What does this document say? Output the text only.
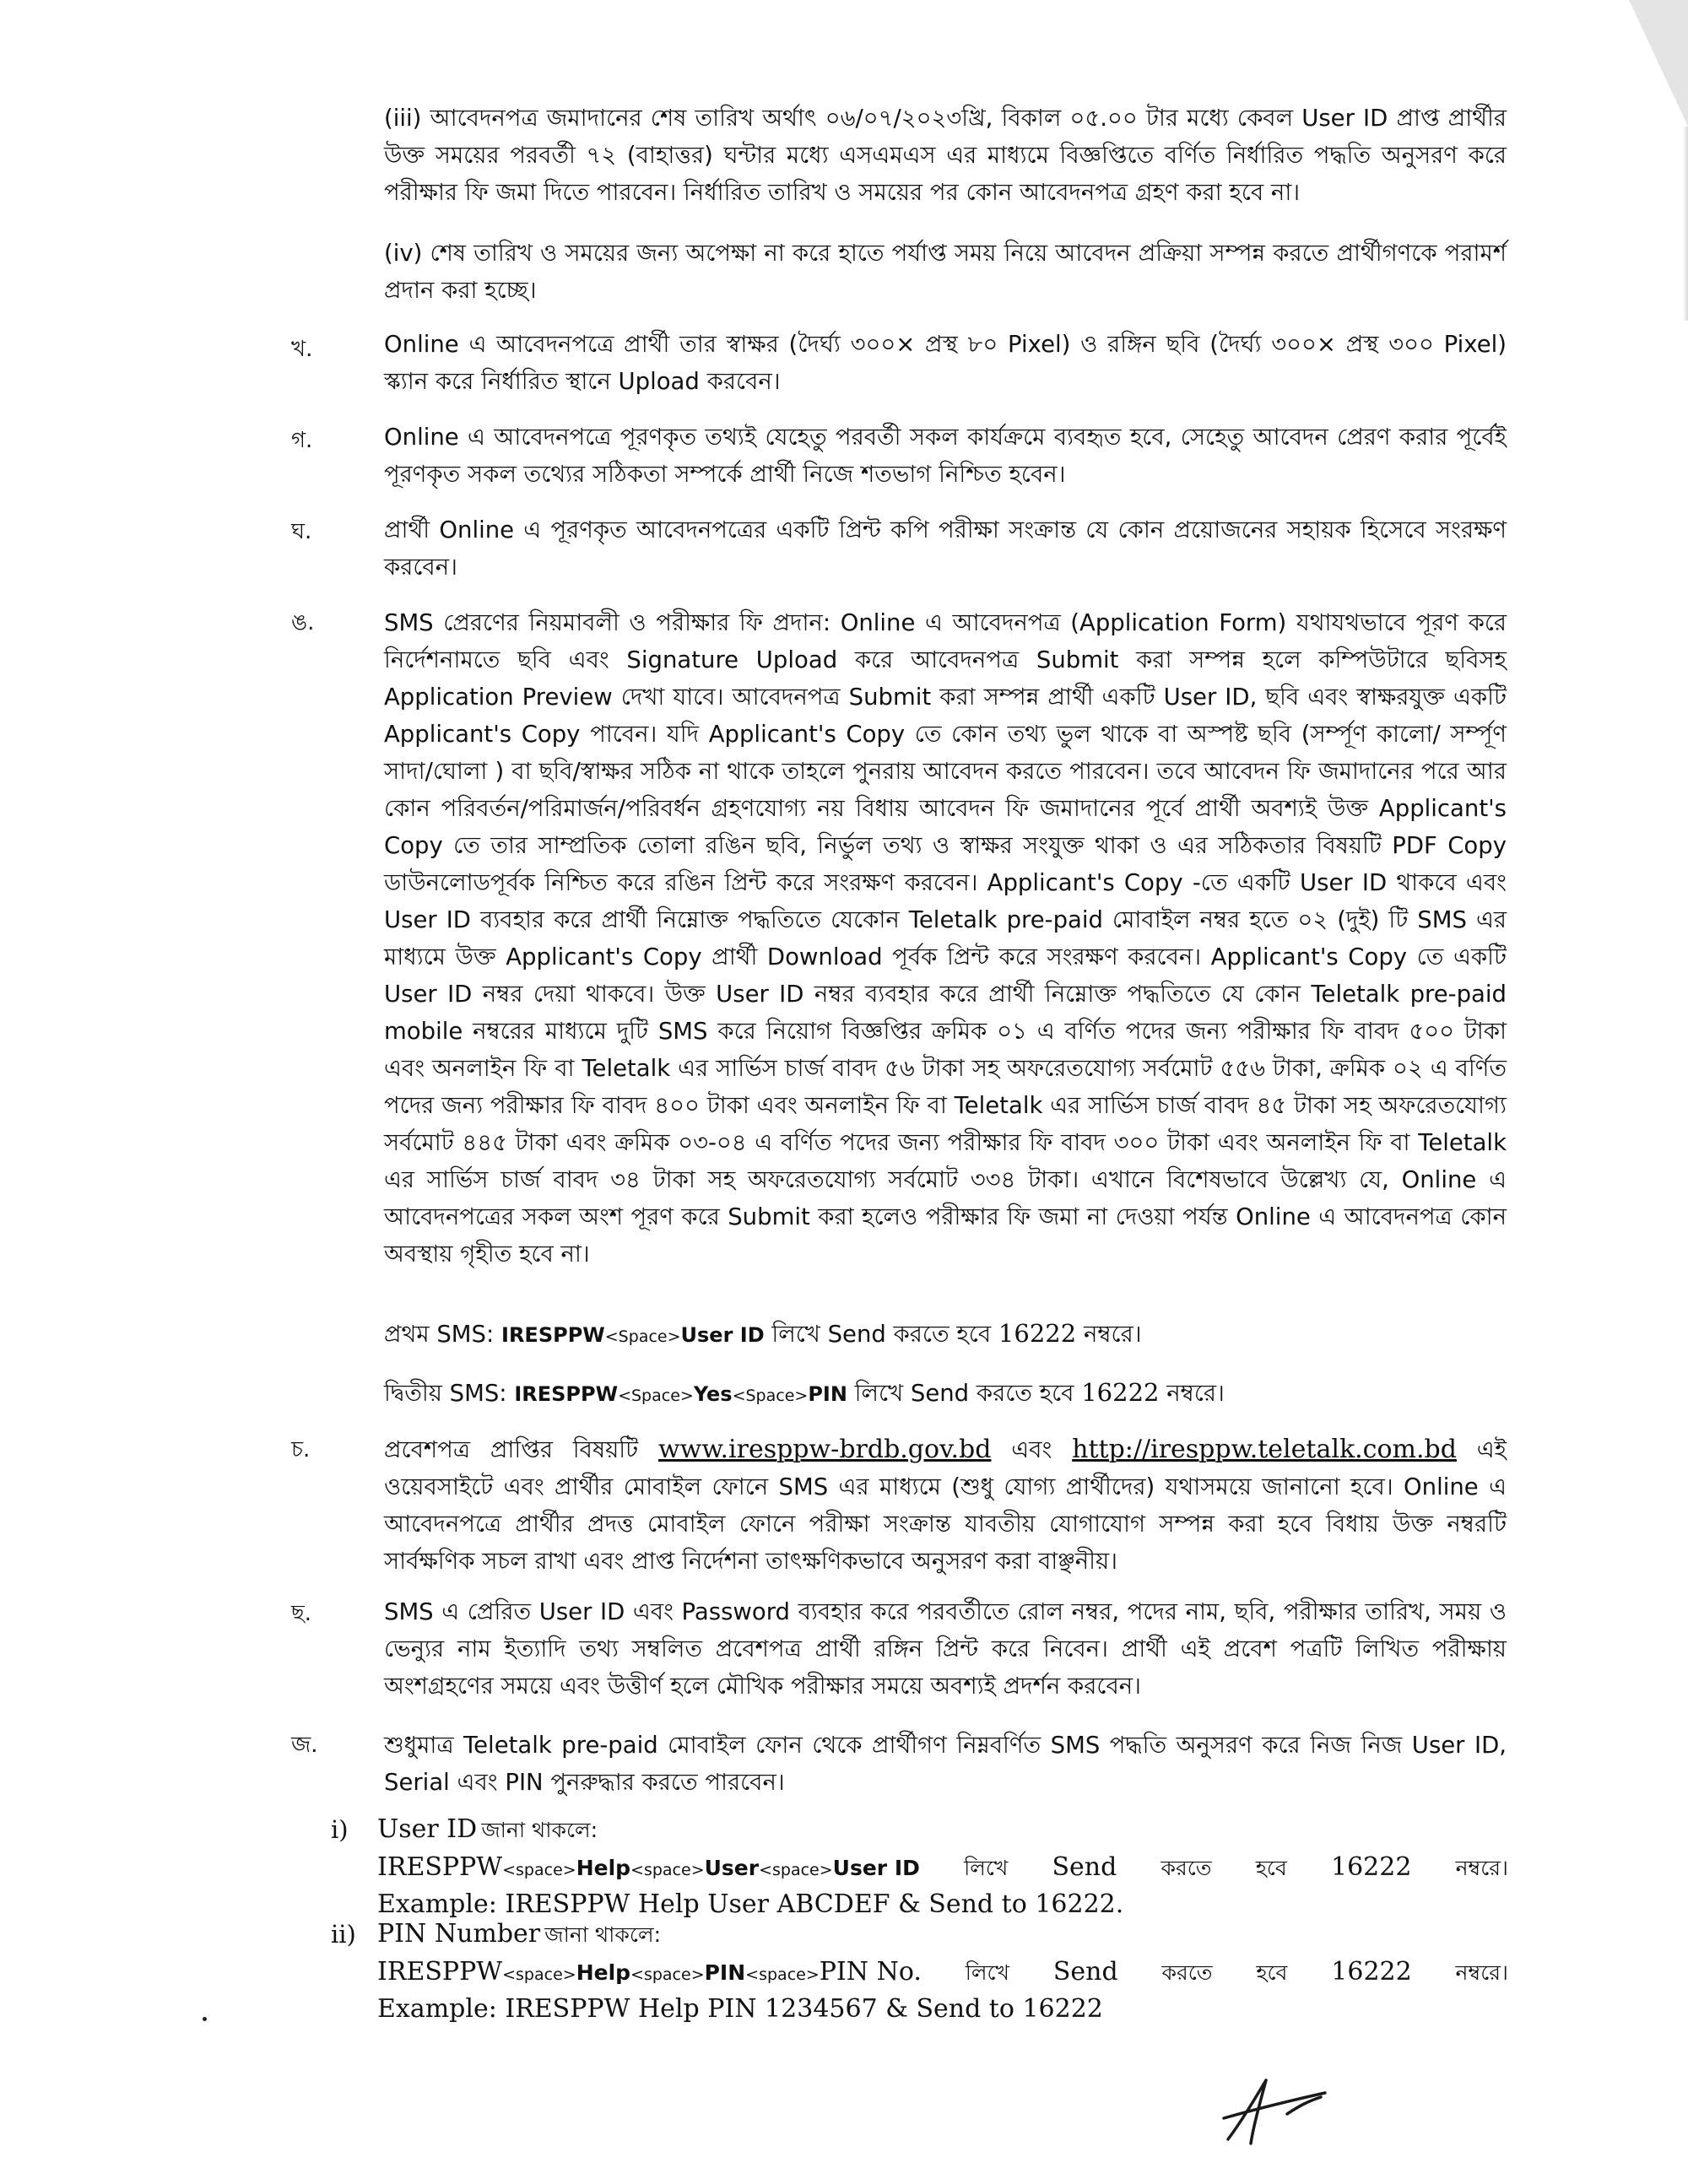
(iii) আবেদনপত্র জমাদানের শেষ তারিখ অর্থাৎ ০৬/০৭/২০২৩খ্রি, বিকাল ০৫.০০ টার মধ্যে কেবল User ID প্রাপ্ত প্রার্থীর উক্ত সময়ের পরবর্তী ৭২ (বাহাত্তর) ঘন্টার মধ্যে এসএমএস এর মাধ্যমে বিজ্ঞপ্তিতে বর্ণিত নির্ধারিত পদ্ধতি অনুসরণ করে পরীক্ষার ফি জমা দিতে পারবেন। নির্ধারিত তারিখ ও সময়ের পর কোন আবেদনপত্র গ্রহণ করা হবে না।

(iv) শেষ তারিখ ও সময়ের জন্য অপেক্ষা না করে হাতে পর্যাপ্ত সময় নিয়ে আবেদন প্রক্রিয়া সম্পন্ন করতে প্রার্থীগণকে পরামর্শ প্রদান করা হচ্ছে।

খ.	Online এ আবেদনপত্রে প্রার্থী তার স্বাক্ষর (দৈর্ঘ্য ৩০০× প্রস্থ ৮০ Pixel) ও রঙ্গিন ছবি (দৈর্ঘ্য ৩০০× প্রস্থ ৩০০ Pixel) স্ক্যান করে নির্ধারিত স্থানে Upload করবেন।

গ.	Online এ আবেদনপত্রে পূরণকৃত তথ্যই যেহেতু পরবর্তী সকল কার্যক্রমে ব্যবহৃত হবে, সেহেতু আবেদন প্রেরণ করার পূর্বেই পূরণকৃত সকল তথ্যের সঠিকতা সম্পর্কে প্রার্থী নিজে শতভাগ নিশ্চিত হবেন।

ঘ.	প্রার্থী Online এ পূরণকৃত আবেদনপত্রের একটি প্রিন্ট কপি পরীক্ষা সংক্রান্ত যে কোন প্রয়োজনের সহায়ক হিসেবে সংরক্ষণ করবেন।

ঙ.	SMS প্রেরণের নিয়মাবলী ও পরীক্ষার ফি প্রদান: Online এ আবেদনপত্র (Application Form) যথাযথভাবে পূরণ করে নির্দেশনামতে ছবি এবং Signature Upload করে আবেদনপত্র Submit করা সম্পন্ন হলে কম্পিউটারে ছবিসহ Application Preview দেখা যাবে। আবেদনপত্র Submit করা সম্পন্ন প্রার্থী একটি User ID, ছবি এবং স্বাক্ষরযুক্ত একটি Applicant's Copy পাবেন। যদি Applicant's Copy তে কোন তথ্য ভুল থাকে বা অস্পষ্ট ছবি (সর্ম্পূণ কালো/ সর্ম্পূণ সাদা/ঘোলা ) বা ছবি/স্বাক্ষর সঠিক না থাকে তাহলে পুনরায় আবেদন করতে পারবেন। তবে আবেদন ফি জমাদানের পরে আর কোন পরিবর্তন/পরিমার্জন/পরিবর্ধন গ্রহণযোগ্য নয় বিধায় আবেদন ফি জমাদানের পূর্বে প্রার্থী অবশ্যই উক্ত Applicant's Copy তে তার সাম্প্রতিক তোলা রঙিন ছবি, নির্ভুল তথ্য ও স্বাক্ষর সংযুক্ত থাকা ও এর সঠিকতার বিষয়টি PDF Copy ডাউনলোডপূর্বক নিশ্চিত করে রঙিন প্রিন্ট করে সংরক্ষণ করবেন। Applicant's Copy -তে একটি User ID থাকবে এবং User ID ব্যবহার করে প্রার্থী নিম্নোক্ত পদ্ধতিতে যেকোন Teletalk pre-paid মোবাইল নম্বর হতে ০২ (দুই) টি SMS এর মাধ্যমে উক্ত Applicant's Copy প্রার্থী Download পূর্বক প্রিন্ট করে সংরক্ষণ করবেন। Applicant's Copy তে একটি User ID নম্বর দেয়া থাকবে। উক্ত User ID নম্বর ব্যবহার করে প্রার্থী নিম্নোক্ত পদ্ধতিতে যে কোন Teletalk pre-paid mobile নম্বরের মাধ্যমে দুটি SMS করে নিয়োগ বিজ্ঞপ্তির ক্রমিক ০১ এ বর্ণিত পদের জন্য পরীক্ষার ফি বাবদ ৫০০ টাকা এবং অনলাইন ফি বা Teletalk এর সার্ভিস চার্জ বাবদ ৫৬ টাকা সহ অফরেতযোগ্য সর্বমোট ৫৫৬ টাকা, ক্রমিক ০২ এ বর্ণিত পদের জন্য পরীক্ষার ফি বাবদ ৪০০ টাকা এবং অনলাইন ফি বা Teletalk এর সার্ভিস চার্জ বাবদ ৪৫ টাকা সহ অফরেতযোগ্য সর্বমোট ৪৪৫ টাকা এবং ক্রমিক ০৩-০৪ এ বর্ণিত পদের জন্য পরীক্ষার ফি বাবদ ৩০০ টাকা এবং অনলাইন ফি বা Teletalk এর সার্ভিস চার্জ বাবদ ৩৪ টাকা সহ অফরেতযোগ্য সর্বমোট ৩৩৪ টাকা। এখানে বিশেষভাবে উল্লেখ্য যে, Online এ আবেদনপত্রের সকল অংশ পূরণ করে Submit করা হলেও পরীক্ষার ফি জমা না দেওয়া পর্যন্ত Online এ আবেদনপত্র কোন অবস্থায় গৃহীত হবে না।

প্রথম SMS: IRESPPW<Space>User ID লিখে Send করতে হবে 16222 নম্বরে।
দ্বিতীয় SMS: IRESPPW<Space>Yes<Space>PIN লিখে Send করতে হবে 16222 নম্বরে।
চ.	প্রবেশপত্র প্রাপ্তির বিষয়টি www.iresppw-brdb.gov.bd এবং http://iresppw.teletalk.com.bd এই ওয়েবসাইটে এবং প্রার্থীর মোবাইল ফোনে SMS এর মাধ্যমে (শুধু যোগ্য প্রার্থীদের) যথাসময়ে জানানো হবে। Online এ আবেদনপত্রে প্রার্থীর প্রদত্ত মোবাইল ফোনে পরীক্ষা সংক্রান্ত যাবতীয় যোগাযোগ সম্পন্ন করা হবে বিধায় উক্ত নম্বরটি সার্বক্ষণিক সচল রাখা এবং প্রাপ্ত নির্দেশনা তাৎক্ষণিকভাবে অনুসরণ করা বাঞ্ছনীয়।

ছ.	SMS এ প্রেরিত User ID এবং Password ব্যবহার করে পরবর্তীতে রোল নম্বর, পদের নাম, ছবি, পরীক্ষার তারিখ, সময় ও ভেন্যুর নাম ইত্যাদি তথ্য সম্বলিত প্রবেশপত্র প্রার্থী রঙ্গিন প্রিন্ট করে নিবেন। প্রার্থী এই প্রবেশ পত্রটি লিখিত পরীক্ষায় অংশগ্রহণের সময়ে এবং উত্তীর্ণ হলে মৌখিক পরীক্ষার সময়ে অবশ্যই প্রদর্শন করবেন।

জ.	শুধুমাত্র Teletalk pre-paid মোবাইল ফোন থেকে প্রার্থীগণ নিম্নবর্ণিত SMS পদ্ধতি অনুসরণ করে নিজ নিজ User ID, Serial এবং PIN পুনরুদ্ধার করতে পারবেন।

i) User ID জানা থাকলে:
IRESPPW<space>Help<space>User<space>User ID লিখে Send করতে হবে 16222 নম্বরে।
Example: IRESPPW Help User ABCDEF & Send to 16222.
ii) PIN Number জানা থাকলে:
IRESPPW<space>Help<space>PIN<space>PIN No. লিখে Send করতে হবে 16222 নম্বরে।
Example: IRESPPW Help PIN 1234567 & Send to 16222
